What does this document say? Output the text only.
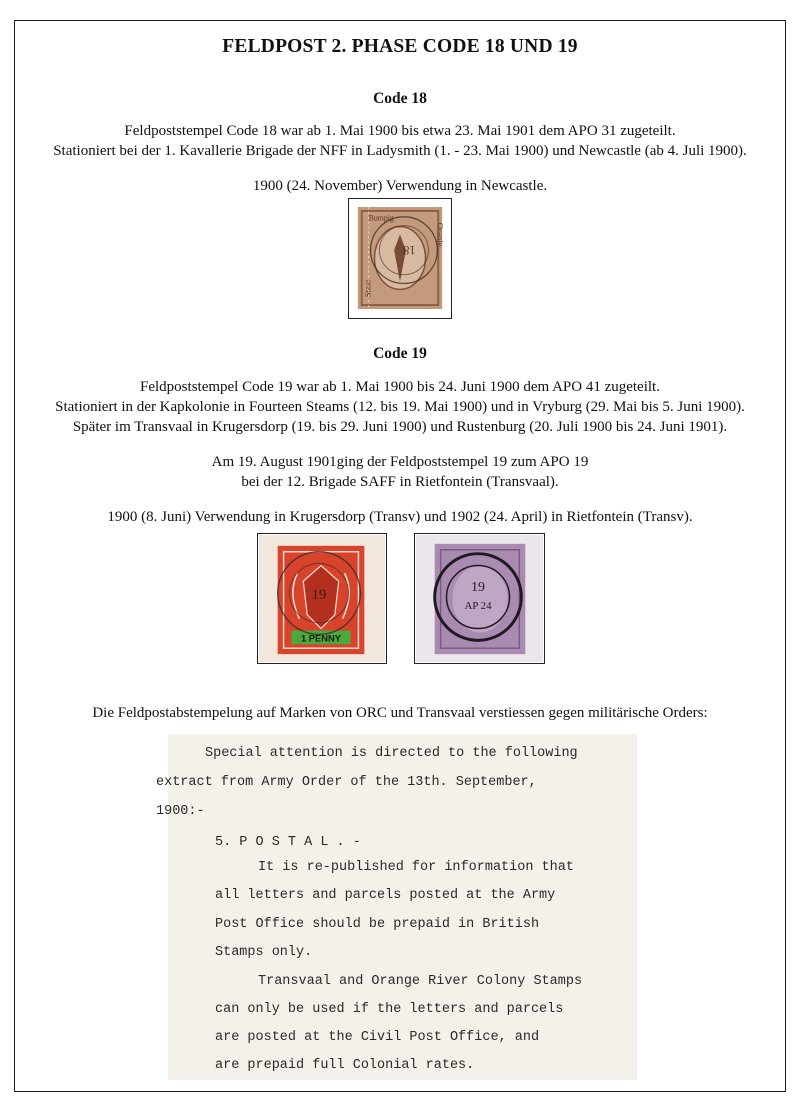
FELDPOST 2. PHASE CODE 18 UND 19
Code 18
Feldpoststempel Code 18 war ab 1. Mai 1900 bis etwa 23. Mai 1901 dem APO 31 zugeteilt.
Stationiert bei der 1. Kavallerie Brigade der NFF in Ladysmith (1. - 23. Mai 1900) und Newcastle (ab 4. Juli 1900).
1900 (24. November) Verwendung in Newcastle.
Bumpig
Staat
Oranje
18
Code 19
Feldpoststempel Code 19 war ab 1. Mai 1900 bis 24. Juni 1900 dem APO 41 zugeteilt.
Stationiert in der Kapkolonie in Fourteen Steams (12. bis 19. Mai 1900) und in Vryburg (29. Mai bis 5. Juni 1900).
Später im Transvaal in Krugersdorp (19. bis 29. Juni 1900) und Rustenburg (20. Juli 1900 bis 24. Juni 1901).
Am 19. August 1901ging der Feldpoststempel 19 zum APO 19
bei der 12. Brigade SAFF in Rietfontein (Transvaal).
1900 (8. Juni) Verwendung in Krugersdorp (Transv) und 1902 (24. April) in Rietfontein (Transv).
1 PENNY
19
19
AP 24
Die Feldpostabstempelung auf Marken von ORC und Transvaal verstiessen gegen militärische Orders:
Special attention is directed to the following
extract from Army Order of the 13th. September,
1900:-
5. P O S T A L . -
It is re-published for information that
all letters and parcels posted at the Army
Post Office should be prepaid in British
Stamps only.
Transvaal and Orange River Colony Stamps
can only be used if the letters and parcels
are posted at the Civil Post Office, and
are prepaid full Colonial rates.
